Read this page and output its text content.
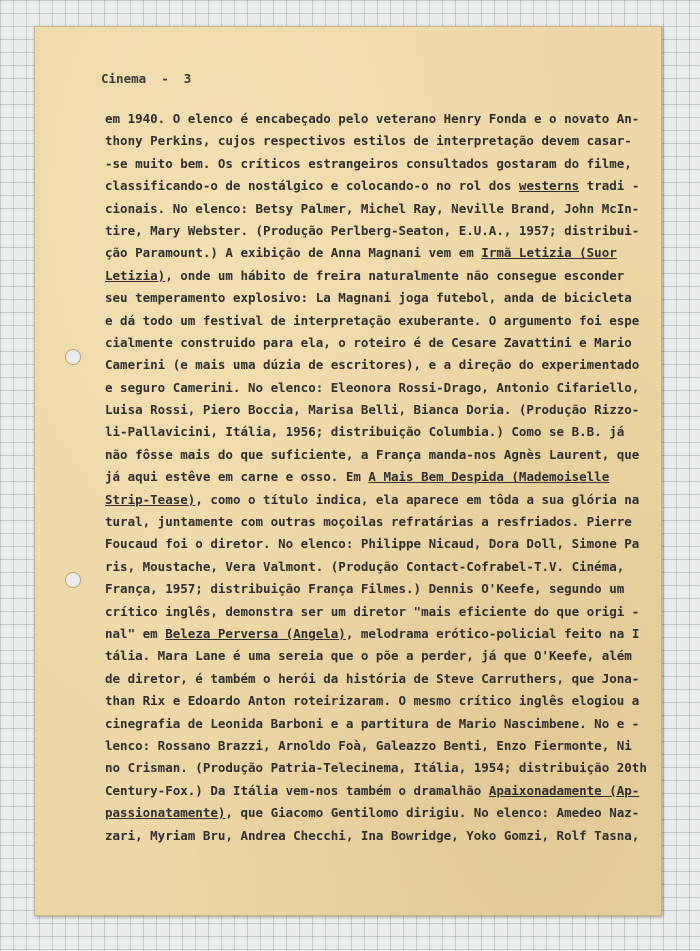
Cinema  -  3
em 1940. O elenco é encabeçado pelo veterano Henry Fonda e o novato An-
thony Perkins, cujos respectivos estilos de interpretação devem casar-
-se muito bem. Os críticos estrangeiros consultados gostaram do filme,
classificando-o de nostálgico e colocando-o no rol dos westerns tradi -
cionais. No elenco: Betsy Palmer, Michel Ray, Neville Brand, John McIn-
tire, Mary Webster. (Produção Perlberg-Seaton, E.U.A., 1957; distribui-
ção Paramount.) A exibição de Anna Magnani vem em Irmã Letizia (Suor
Letizia), onde um hábito de freira naturalmente não consegue esconder
seu temperamento explosivo: La Magnani joga futebol, anda de bicicleta
e dá todo um festival de interpretação exuberante. O argumento foi espe
cialmente construido para ela, o roteiro é de Cesare Zavattini e Mario
Camerini (e mais uma dúzia de escritores), e a direção do experimentado
e seguro Camerini. No elenco: Eleonora Rossi-Drago, Antonio Cifariello,
Luisa Rossi, Piero Boccia, Marisa Belli, Bianca Doria. (Produção Rizzo-
li-Pallavicini, Itália, 1956; distribuição Columbia.) Como se B.B. já
não fôsse mais do que suficiente, a França manda-nos Agnès Laurent, que
já aqui estêve em carne e osso. Em A Mais Bem Despida (Mademoiselle
Strip-Tease), como o título indica, ela aparece em tôda a sua glória na
tural, juntamente com outras moçoilas refratárias a resfriados. Pierre
Foucaud foi o diretor. No elenco: Philippe Nicaud, Dora Doll, Simone Pa
ris, Moustache, Vera Valmont. (Produção Contact-Cofrabel-T.V. Cinéma,
França, 1957; distribuição França Filmes.) Dennis O'Keefe, segundo um
crítico inglês, demonstra ser um diretor "mais eficiente do que origi -
nal" em Beleza Perversa (Angela), melodrama erótico-policial feito na I
tália. Mara Lane é uma sereia que o põe a perder, já que O'Keefe, além
de diretor, é também o herói da história de Steve Carruthers, que Jona-
than Rix e Edoardo Anton roteirizaram. O mesmo crítico inglês elogiou a
cinegrafia de Leonida Barboni e a partitura de Mario Nascimbene. No e -
lenco: Rossano Brazzi, Arnoldo Foà, Galeazzo Benti, Enzo Fiermonte, Ni
no Crisman. (Produção Patria-Telecinema, Itália, 1954; distribuição 20th
Century-Fox.) Da Itália vem-nos também o dramalhão Apaixonadamente (Ap-
passionatamente), que Giacomo Gentilomo dirigiu. No elenco: Amedeo Naz-
zari, Myriam Bru, Andrea Checchi, Ina Bowridge, Yoko Gomzi, Rolf Tasna,
